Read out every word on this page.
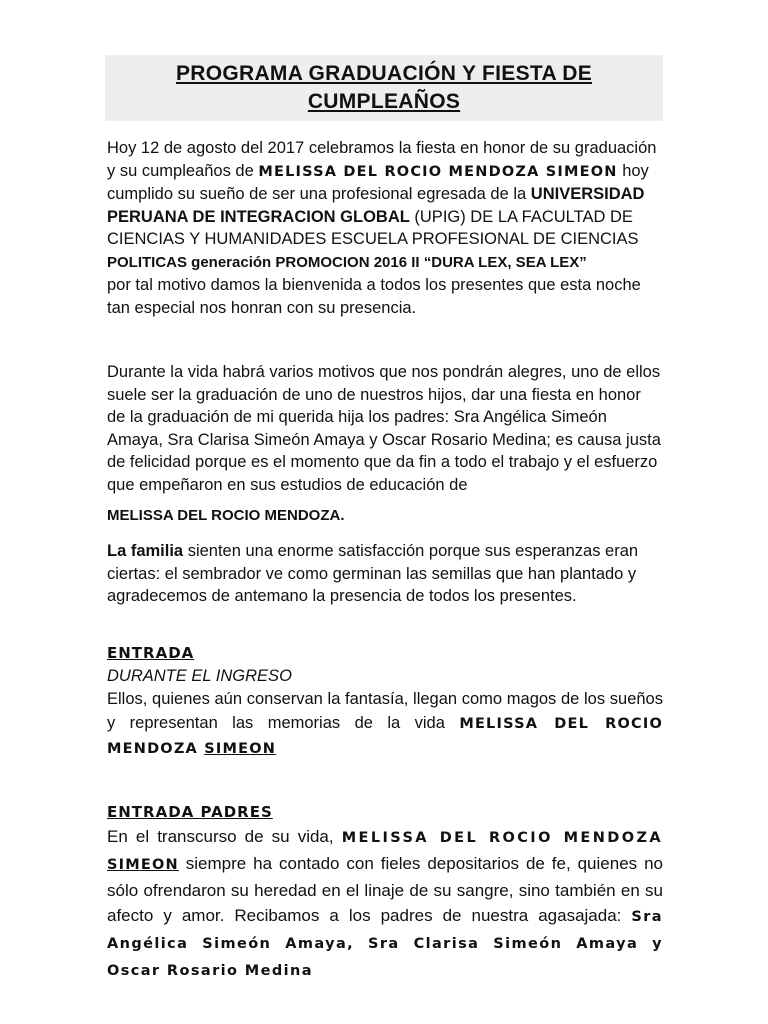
PROGRAMA GRADUACIÓN Y FIESTA DE
CUMPLEAÑOS

Hoy 12 de agosto del 2017 celebramos la fiesta en honor de su graduación y su cumpleaños de MELISSA DEL ROCIO MENDOZA SIMEON hoy cumplido su sueño de ser una profesional egresada de la UNIVERSIDAD PERUANA DE INTEGRACION GLOBAL (UPIG) DE LA FACULTAD DE CIENCIAS Y HUMANIDADES ESCUELA PROFESIONAL DE CIENCIAS
POLITICAS generación PROMOCION 2016 II “DURA LEX, SEA LEX”
por tal motivo damos la bienvenida a todos los presentes que esta noche tan especial nos honran con su presencia.

Durante la vida habrá varios motivos que nos pondrán alegres, uno de ellos suele ser la graduación de uno de nuestros hijos, dar una fiesta en honor de la graduación de mi querida hija los padres: Sra Angélica Simeón Amaya, Sra Clarisa Simeón Amaya y Oscar Rosario Medina; es causa justa de felicidad porque es el momento que da fin a todo el trabajo y el esfuerzo que empeñaron en sus estudios de educación de

MELISSA DEL ROCIO MENDOZA.

La familia sienten una enorme satisfacción porque sus esperanzas eran ciertas: el sembrador ve como germinan las semillas que han plantado y agradecemos de antemano la presencia de todos los presentes.

ENTRADA

DURANTE EL INGRESO

Ellos, quienes aún conservan la fantasía, llegan como magos de los sueños y representan las memorias de la vida MELISSA DEL ROCIO MENDOZA SIMEON

ENTRADA PADRES

En el transcurso de su vida, MELISSA DEL ROCIO MENDOZA SIMEON siempre ha contado con fieles depositarios de fe, quienes no sólo ofrendaron su heredad en el linaje de su sangre, sino también en su afecto y amor. Recibamos a los padres de nuestra agasajada: Sra Angélica Simeón Amaya, Sra Clarisa Simeón Amaya y Oscar Rosario Medina
